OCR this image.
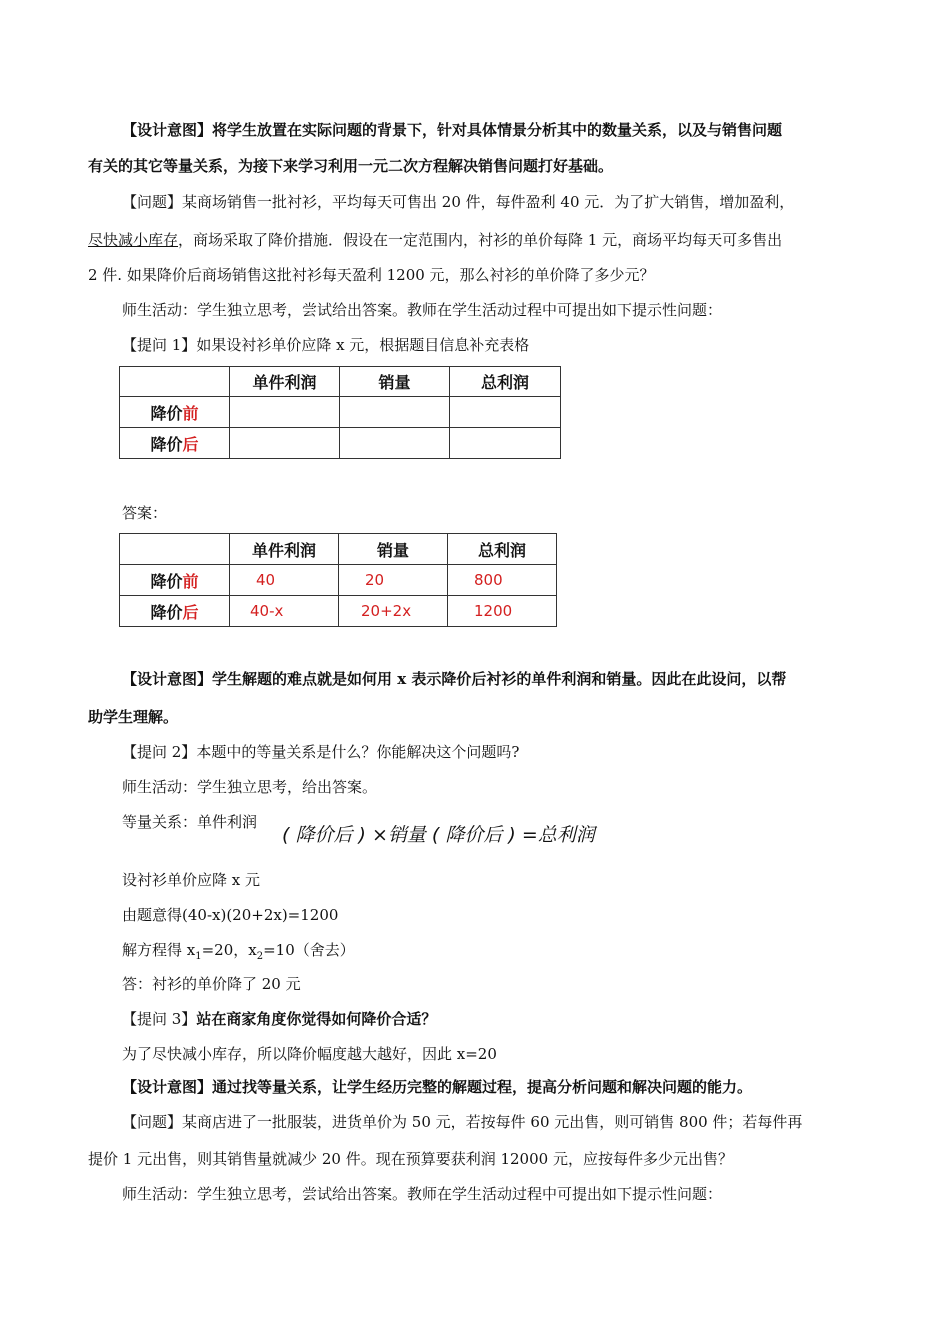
【设计意图】将学生放置在实际问题的背景下，针对具体情景分析其中的数量关系，以及与销售问题
有关的其它等量关系，为接下来学习利用一元二次方程解决销售问题打好基础。
【问题】某商场销售一批衬衫，平均每天可售出 20 件，每件盈利 40 元．为了扩大销售，增加盈利，
尽快减小库存，商场采取了降价措施．假设在一定范围内，衬衫的单价每降 1 元，商场平均每天可多售出
2 件. 如果降价后商场销售这批衬衫每天盈利 1200 元，那么衬衫的单价降了多少元？
师生活动：学生独立思考，尝试给出答案。教师在学生活动过程中可提出如下提示性问题：
【提问 1】如果设衬衫单价应降 x 元，根据题目信息补充表格
	单件利润	销量	总利润
降价前			
降价后			
答案：
	单件利润	销量	总利润
降价前	40	20	800
降价后	40-x	20+2x	1200
【设计意图】学生解题的难点就是如何用 x 表示降价后衬衫的单件利润和销量。因此在此设问，以帮
助学生理解。
【提问 2】本题中的等量关系是什么？你能解决这个问题吗?
师生活动：学生独立思考，给出答案。
等量关系：单件利润
( 降价后 ) ×销量 ( 降价后 ) =总利润
设衬衫单价应降 x 元
由题意得(40-x)(20+2x)=1200
解方程得 $x_1=20$，$x_2=10$（舍去）
答：衬衫的单价降了 20 元
【提问 3】站在商家角度你觉得如何降价合适？
为了尽快减小库存，所以降价幅度越大越好，因此 x=20
【设计意图】通过找等量关系，让学生经历完整的解题过程，提高分析问题和解决问题的能力。
【问题】某商店进了一批服装，进货单价为 50 元，若按每件 60 元出售，则可销售 800 件；若每件再
提价 1 元出售，则其销售量就减少 20 件。现在预算要获利润 12000 元，应按每件多少元出售？
师生活动：学生独立思考，尝试给出答案。教师在学生活动过程中可提出如下提示性问题：
